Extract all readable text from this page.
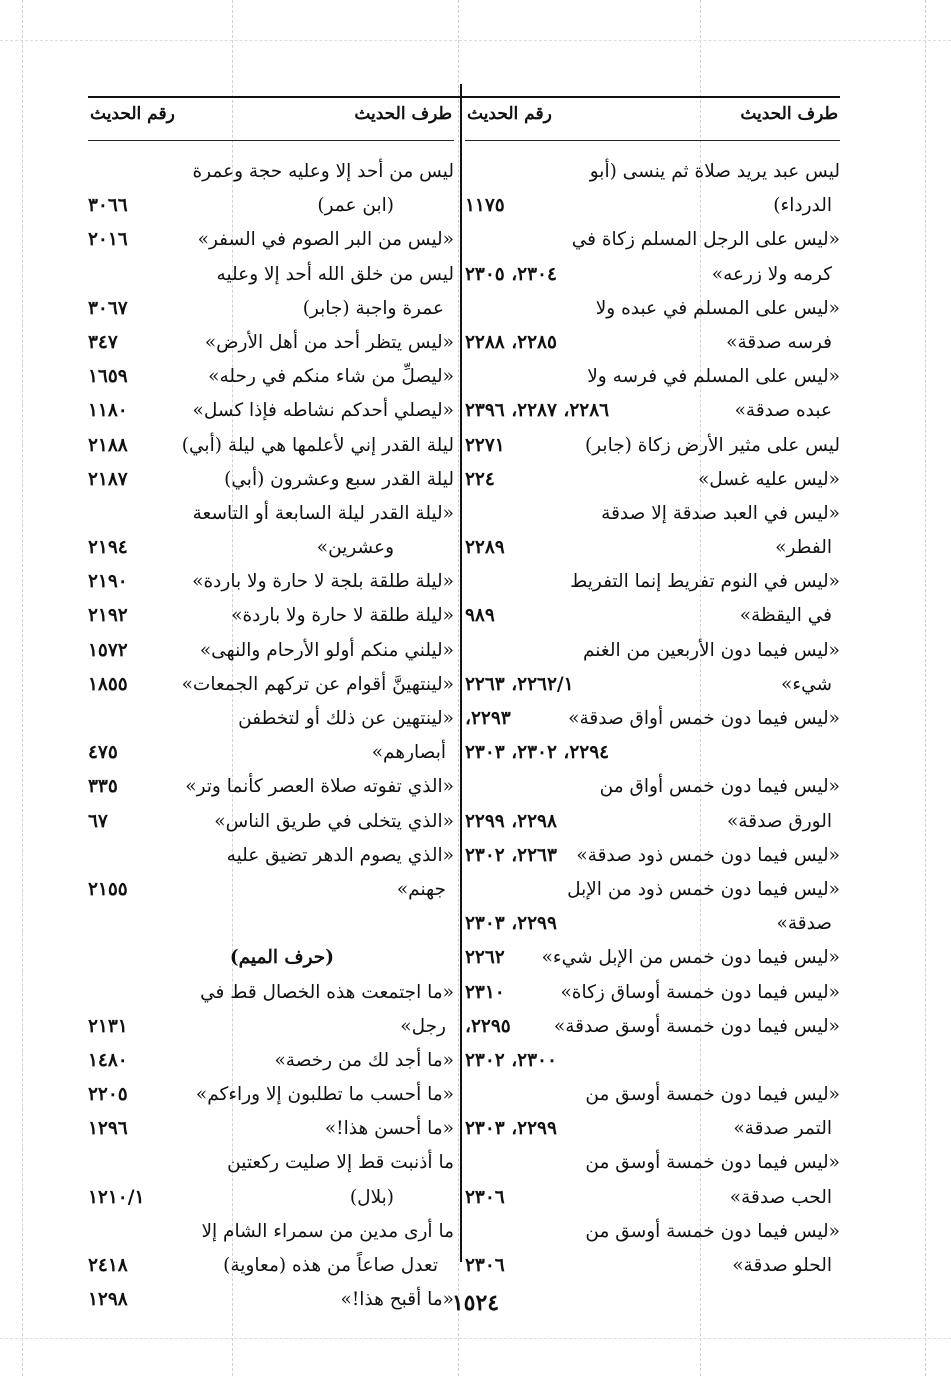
طرف الحديث
رقم الحديث
ليس عبد يريد صلاة ثم ينسى (أبو
الدرداء)
١١٧٥
«ليس على الرجل المسلم زكاة في
كرمه ولا زرعه»
٢٣٠٤، ٢٣٠٥
«ليس على المسلم في عبده ولا
فرسه صدقة»
٢٢٨٥، ٢٢٨٨
«ليس على المسلم في فرسه ولا
عبده صدقة»
٢٢٨٦، ٢٢٨٧، ٢٣٩٦
ليس على مثير الأرض زكاة (جابر)
٢٢٧١
«ليس عليه غسل»
٢٢٤
«ليس في العبد صدقة إلا صدقة
الفطر»
٢٢٨٩
«ليس في النوم تفريط إنما التفريط
في اليقظة»
٩٨٩
«ليس فيما دون الأربعين من الغنم
شيء»
٢٢٦٢/١، ٢٢٦٣
«ليس فيما دون خمس أواق صدقة»
٢٢٩٣،
٢٢٩٤، ٢٣٠٢، ٢٣٠٣
«ليس فيما دون خمس أواق من
الورق صدقة»
٢٢٩٨، ٢٢٩٩
«ليس فيما دون خمس ذود صدقة»
٢٢٦٣، ٢٣٠٢
«ليس فيما دون خمس ذود من الإبل
صدقة»
٢٢٩٩، ٢٣٠٣
«ليس فيما دون خمس من الإبل شيء»
٢٢٦٢
«ليس فيما دون خمسة أوساق زكاة»
٢٣١٠
«ليس فيما دون خمسة أوسق صدقة»
٢٢٩٥،
٢٣٠٠، ٢٣٠٢
«ليس فيما دون خمسة أوسق من
التمر صدقة»
٢٢٩٩، ٢٣٠٣
«ليس فيما دون خمسة أوسق من
الحب صدقة»
٢٣٠٦
«ليس فيما دون خمسة أوسق من
الحلو صدقة»
٢٣٠٦
طرف الحديث
رقم الحديث
ليس من أحد إلا وعليه حجة وعمرة
(ابن عمر)
٣٠٦٦
«ليس من البر الصوم في السفر»
٢٠١٦
ليس من خلق الله أحد إلا وعليه
عمرة واجبة (جابر)
٣٠٦٧
«ليس يتظر أحد من أهل الأرض»
٣٤٧
«ليصلِّ من شاء منكم في رحله»
١٦٥٩
«ليصلي أحدكم نشاطه فإذا كسل»
١١٨٠
ليلة القدر إني لأعلمها هي ليلة (أبي)
٢١٨٨
ليلة القدر سبع وعشرون (أبي)
٢١٨٧
«ليلة القدر ليلة السابعة أو التاسعة
وعشرين»
٢١٩٤
«ليلة طلقة بلجة لا حارة ولا باردة»
٢١٩٠
«ليلة طلقة لا حارة ولا باردة»
٢١٩٢
«ليلني منكم أولو الأرحام والنهى»
١٥٧٢
«لينتهينَّ أقوام عن تركهم الجمعات»
١٨٥٥
«لينتهين عن ذلك أو لتخطفن
أبصارهم»
٤٧٥
«الذي تفوته صلاة العصر كأنما وتر»
٣٣٥
«الذي يتخلى في طريق الناس»
٦٧
«الذي يصوم الدهر تضيق عليه
جهنم»
٢١٥٥
(حرف الميم)
«ما اجتمعت هذه الخصال قط في
رجل»
٢١٣١
«ما أجد لك من رخصة»
١٤٨٠
«ما أحسب ما تطلبون إلا وراءكم»
٢٢٠٥
«ما أحسن هذا!»
١٢٩٦
ما أذنبت قط إلا صليت ركعتين
(بلال)
١٢١٠/١
ما أرى مدين من سمراء الشام إلا
تعدل صاعاً من هذه (معاوية)
٢٤١٨
«ما أقبح هذا!»
١٢٩٨	١٥٢٤
